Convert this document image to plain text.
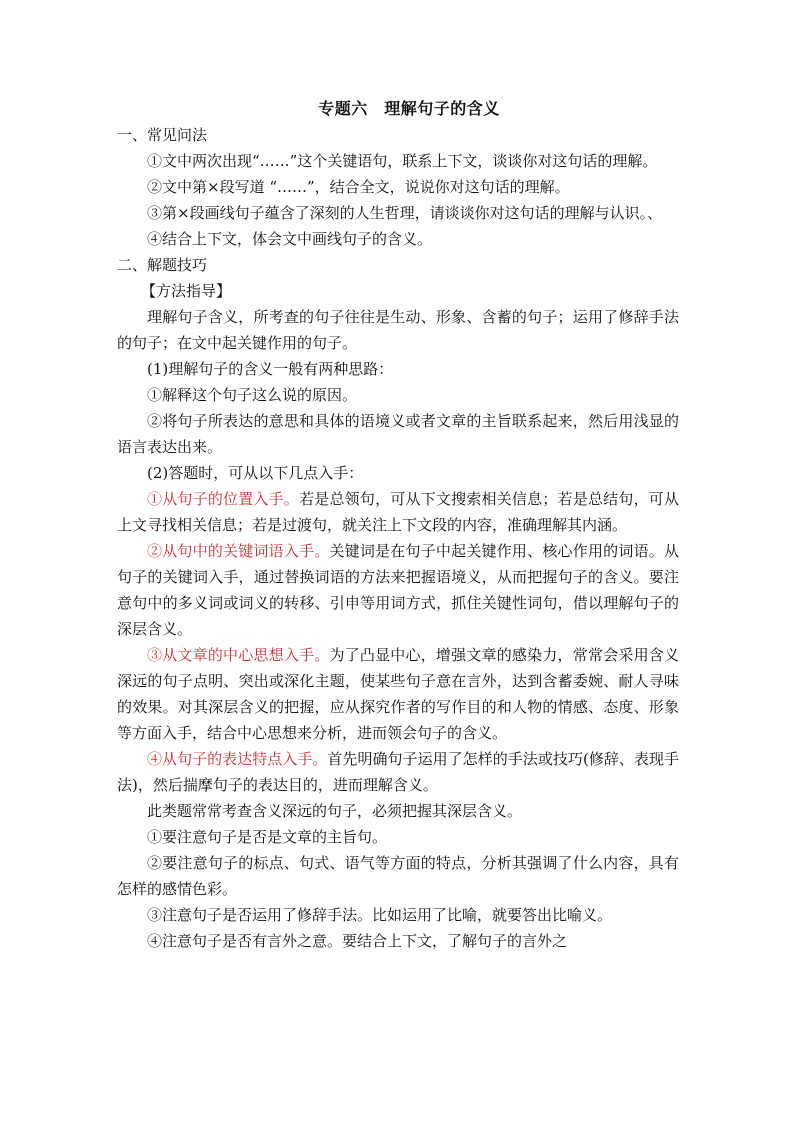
专题六　理解句子的含义

一、常见问法

①文中两次出现“……”这个关键语句，联系上下文，谈谈你对这句话的理解。

②文中第×段写道 “……”，结合全文，说说你对这句话的理解。

③第×段画线句子蕴含了深刻的人生哲理，请谈谈你对这句话的理解与认识。、

④结合上下文，体会文中画线句子的含义。

二、解题技巧

【方法指导】

理解句子含义，所考查的句子往往是生动、形象、含蓄的句子；运用了修辞手法的句子；在文中起关键作用的句子。

(1)理解句子的含义一般有两种思路：

①解释这个句子这么说的原因。

②将句子所表达的意思和具体的语境义或者文章的主旨联系起来，然后用浅显的语言表达出来。

(2)答题时，可从以下几点入手：

①从句子的位置入手。若是总领句，可从下文搜索相关信息；若是总结句，可从上文寻找相关信息；若是过渡句，就关注上下文段的内容，准确理解其内涵。

②从句中的关键词语入手。关键词是在句子中起关键作用、核心作用的词语。从句子的关键词入手，通过替换词语的方法来把握语境义，从而把握句子的含义。要注意句中的多义词或词义的转移、引申等用词方式，抓住关键性词句，借以理解句子的深层含义。

③从文章的中心思想入手。为了凸显中心，增强文章的感染力，常常会采用含义深远的句子点明、突出或深化主题，使某些句子意在言外，达到含蓄委婉、耐人寻味的效果。对其深层含义的把握，应从探究作者的写作目的和人物的情感、态度、形象等方面入手，结合中心思想来分析，进而领会句子的含义。

④从句子的表达特点入手。首先明确句子运用了怎样的手法或技巧(修辞、表现手法)，然后揣摩句子的表达目的，进而理解含义。

此类题常常考查含义深远的句子，必须把握其深层含义。

①要注意句子是否是文章的主旨句。

②要注意句子的标点、句式、语气等方面的特点，分析其强调了什么内容，具有怎样的感情色彩。

③注意句子是否运用了修辞手法。比如运用了比喻，就要答出比喻义。

④注意句子是否有言外之意。要结合上下文，了解句子的言外之
